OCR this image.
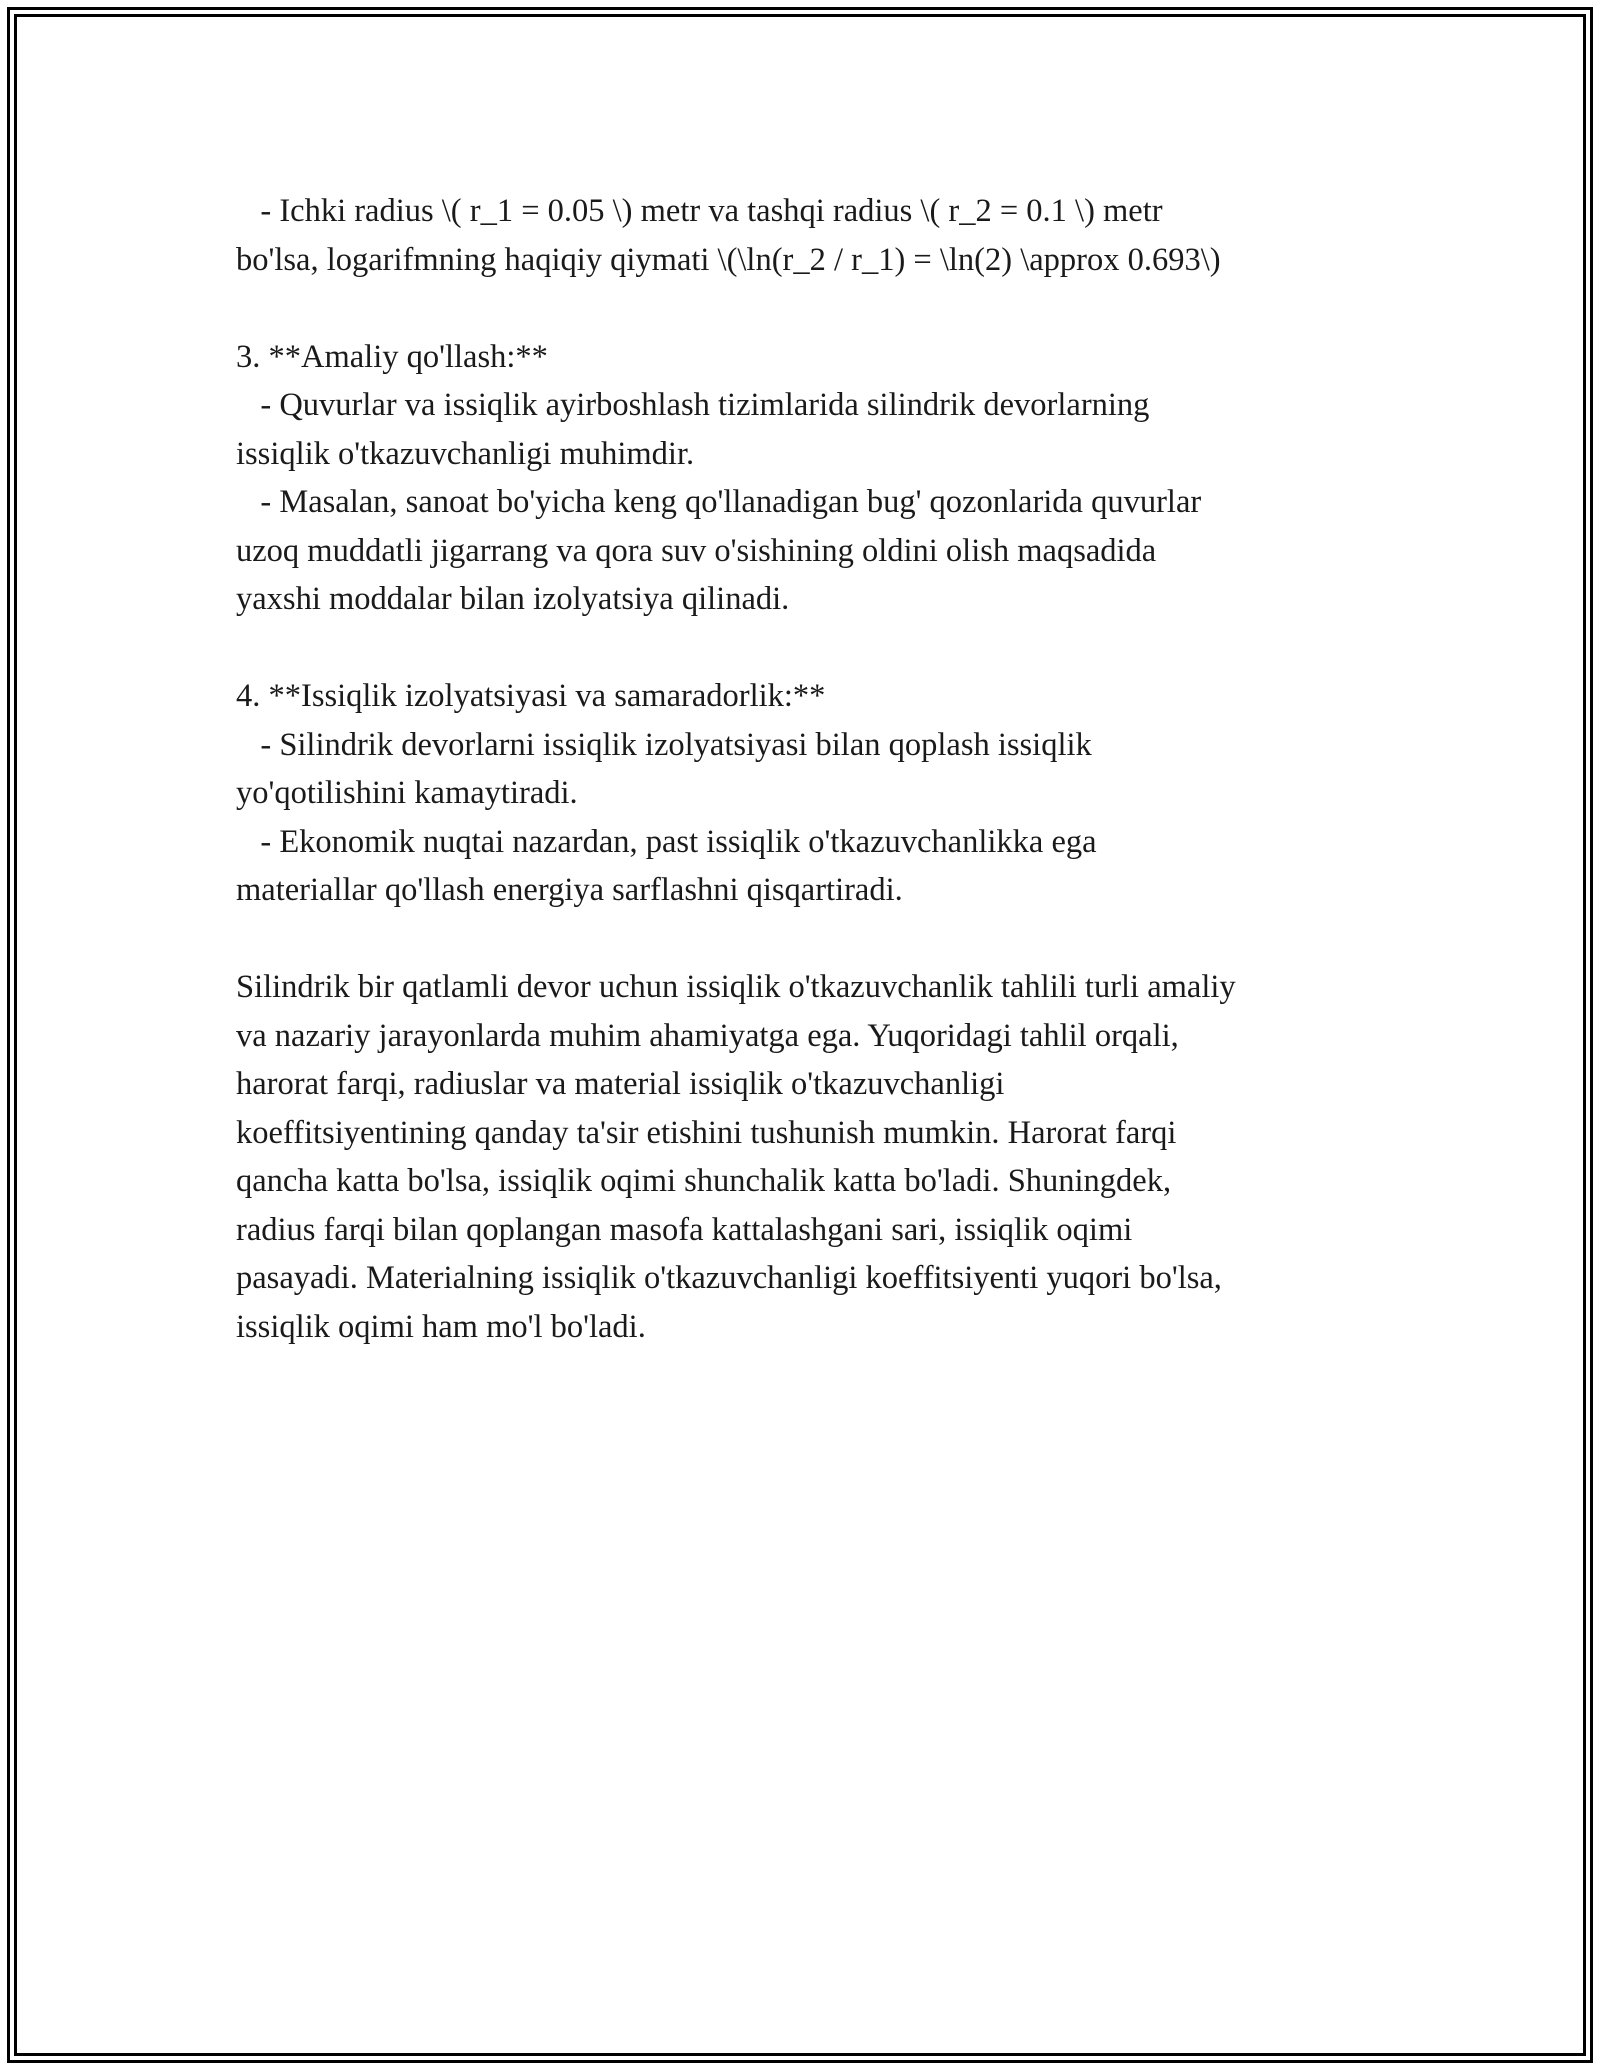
- Ichki radius \( r_1 = 0.05 \) metr va tashqi radius \( r_2 = 0.1 \) metr
bo'lsa, logarifmning haqiqiy qiymati \(\ln(r_2 / r_1) = \ln(2) \approx 0.693\)
3. **Amaliy qo'llash:**
- Quvurlar va issiqlik ayirboshlash tizimlarida silindrik devorlarning
issiqlik o'tkazuvchanligi muhimdir.
- Masalan, sanoat bo'yicha keng qo'llanadigan bug' qozonlarida quvurlar
uzoq muddatli jigarrang va qora suv o'sishining oldini olish maqsadida
yaxshi moddalar bilan izolyatsiya qilinadi.
4. **Issiqlik izolyatsiyasi va samaradorlik:**
- Silindrik devorlarni issiqlik izolyatsiyasi bilan qoplash issiqlik
yo'qotilishini kamaytiradi.
- Ekonomik nuqtai nazardan, past issiqlik o'tkazuvchanlikka ega
materiallar qo'llash energiya sarflashni qisqartiradi.
Silindrik bir qatlamli devor uchun issiqlik o'tkazuvchanlik tahlili turli amaliy
va nazariy jarayonlarda muhim ahamiyatga ega. Yuqoridagi tahlil orqali,
harorat farqi, radiuslar va material issiqlik o'tkazuvchanligi
koeffitsiyentining qanday ta'sir etishini tushunish mumkin. Harorat farqi
qancha katta bo'lsa, issiqlik oqimi shunchalik katta bo'ladi. Shuningdek,
radius farqi bilan qoplangan masofa kattalashgani sari, issiqlik oqimi
pasayadi. Materialning issiqlik o'tkazuvchanligi koeffitsiyenti yuqori bo'lsa,
issiqlik oqimi ham mo'l bo'ladi.
